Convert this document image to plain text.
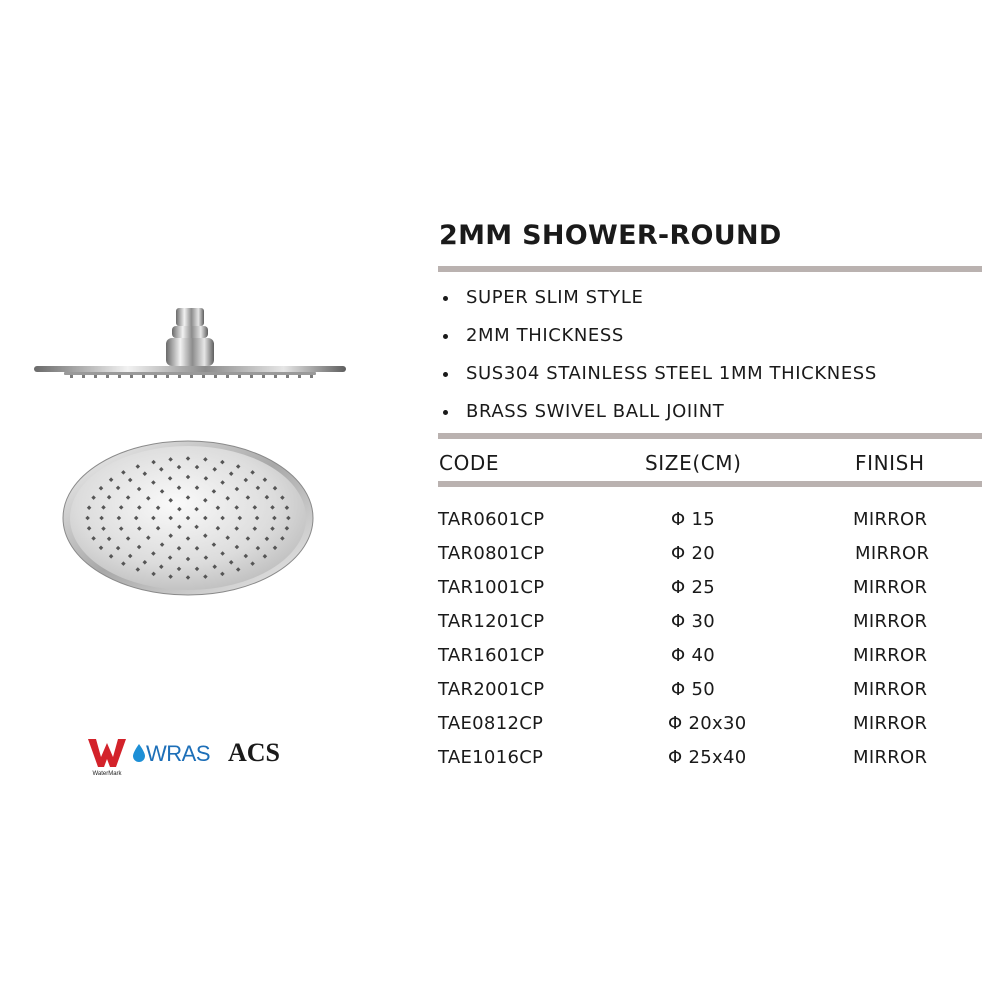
WaterMark
WRAS ACS
2MM SHOWER-ROUND
SUPER SLIM STYLE
2MM THICKNESS
SUS304 STAINLESS STEEL 1MM THICKNESS
BRASS SWIVEL BALL JOIINT
CODE	SIZE(CM)	FINISH
TAR0601CP	Φ 15	MIRROR
TAR0801CP	Φ 20	MIRROR
TAR1001CP	Φ 25	MIRROR
TAR1201CP	Φ 30	MIRROR
TAR1601CP	Φ 40	MIRROR
TAR2001CP	Φ 50	MIRROR
TAE0812CP	Φ 20x30	MIRROR
TAE1016CP	Φ 25x40	MIRROR
